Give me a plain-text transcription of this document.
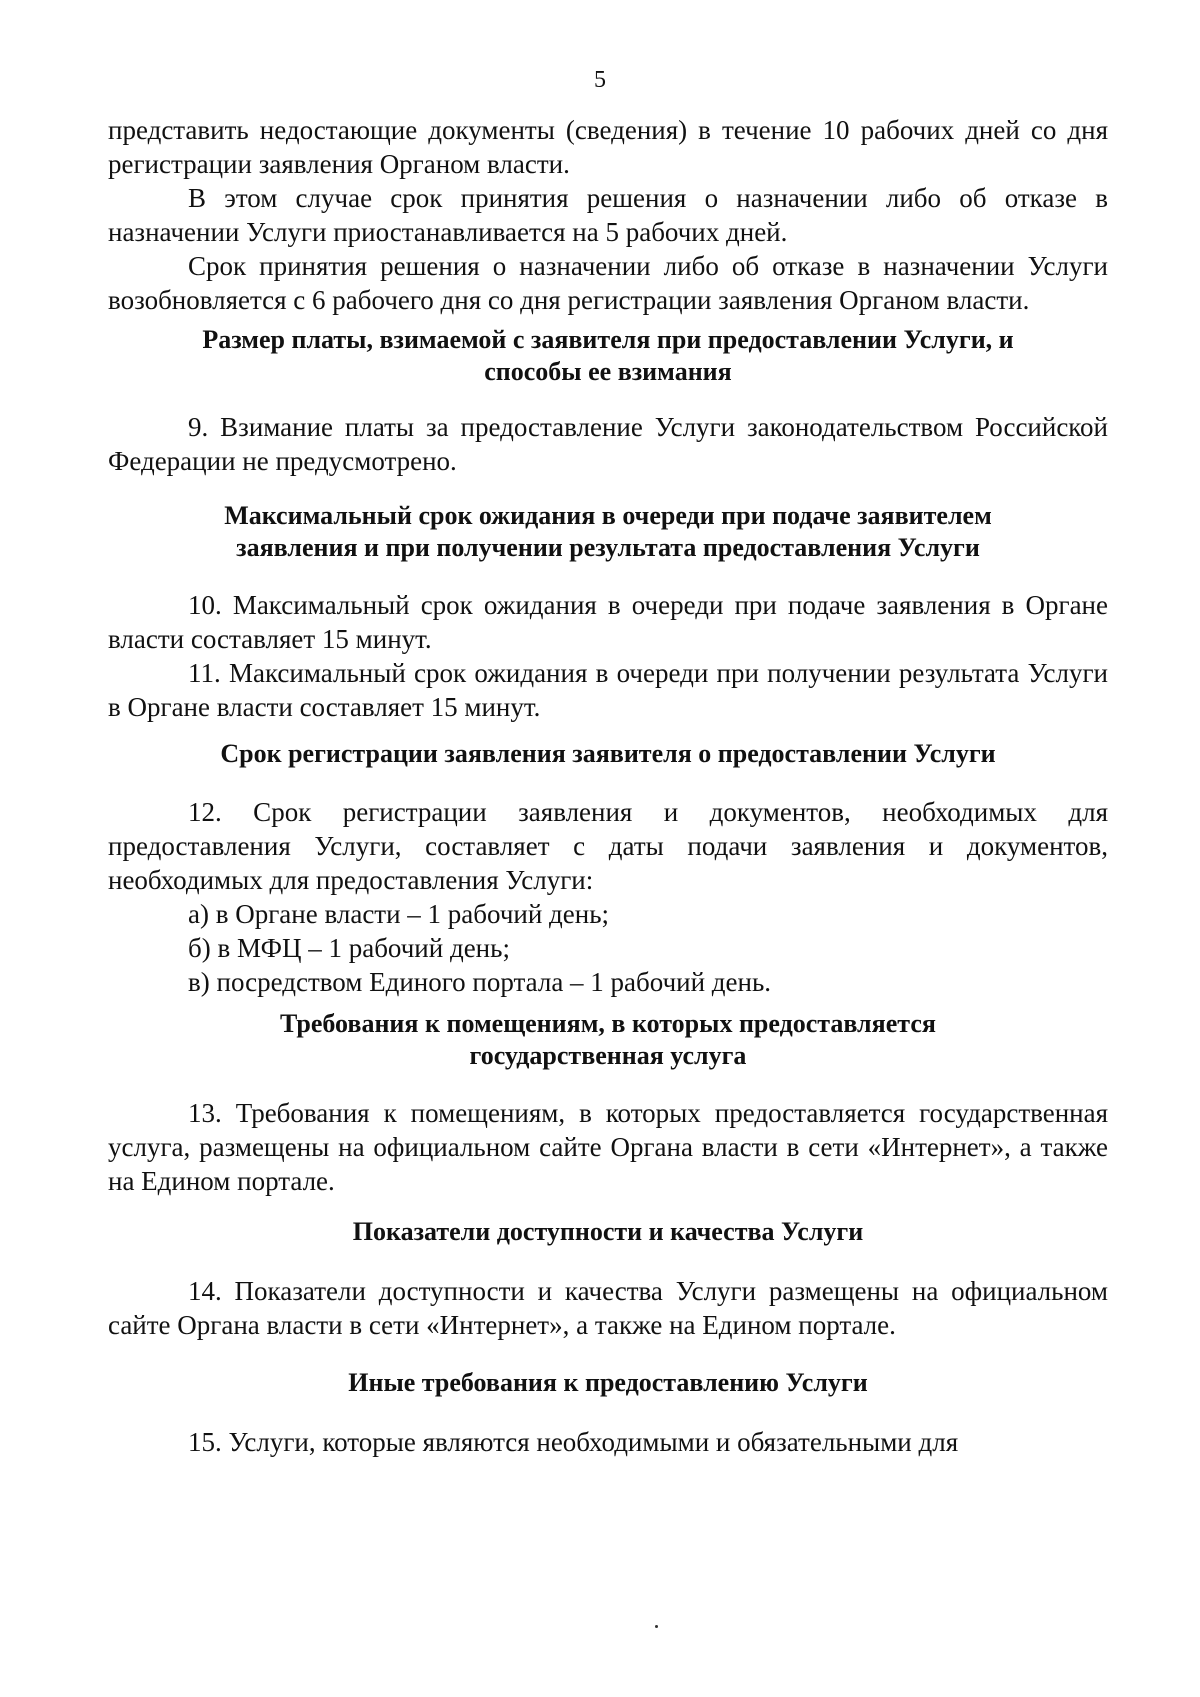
5

представить недостающие документы (сведения) в течение 10 рабочих дней со дня регистрации заявления Органом власти.

В этом случае срок принятия решения о назначении либо об отказе в назначении Услуги приостанавливается на 5 рабочих дней.

Срок принятия решения о назначении либо об отказе в назначении Услуги возобновляется с 6 рабочего дня со дня регистрации заявления Органом власти.

Размер платы, взимаемой с заявителя при предоставлении Услуги, и

способы ее взимания

9. Взимание платы за предоставление Услуги законодательством Российской Федерации не предусмотрено.

Максимальный срок ожидания в очереди при подаче заявителем

заявления и при получении результата предоставления Услуги

10. Максимальный срок ожидания в очереди при подаче заявления в Органе власти составляет 15 минут.

11. Максимальный срок ожидания в очереди при получении результата Услуги в Органе власти составляет 15 минут.

Срок регистрации заявления заявителя о предоставлении Услуги

12. Срок регистрации заявления и документов, необходимых для предоставления Услуги, составляет с даты подачи заявления и документов, необходимых для предоставления Услуги:

а) в Органе власти – 1 рабочий день;
б) в МФЦ – 1 рабочий день;
в) посредством Единого портала – 1 рабочий день.

Требования к помещениям, в которых предоставляется

государственная услуга

13. Требования к помещениям, в которых предоставляется государственная услуга, размещены на официальном сайте Органа власти в сети «Интернет», а также на Едином портале.

Показатели доступности и качества Услуги

14. Показатели доступности и качества Услуги размещены на официальном сайте Органа власти в сети «Интернет», а также на Едином портале.

Иные требования к предоставлению Услуги

15. Услуги, которые являются необходимыми и обязательными для
